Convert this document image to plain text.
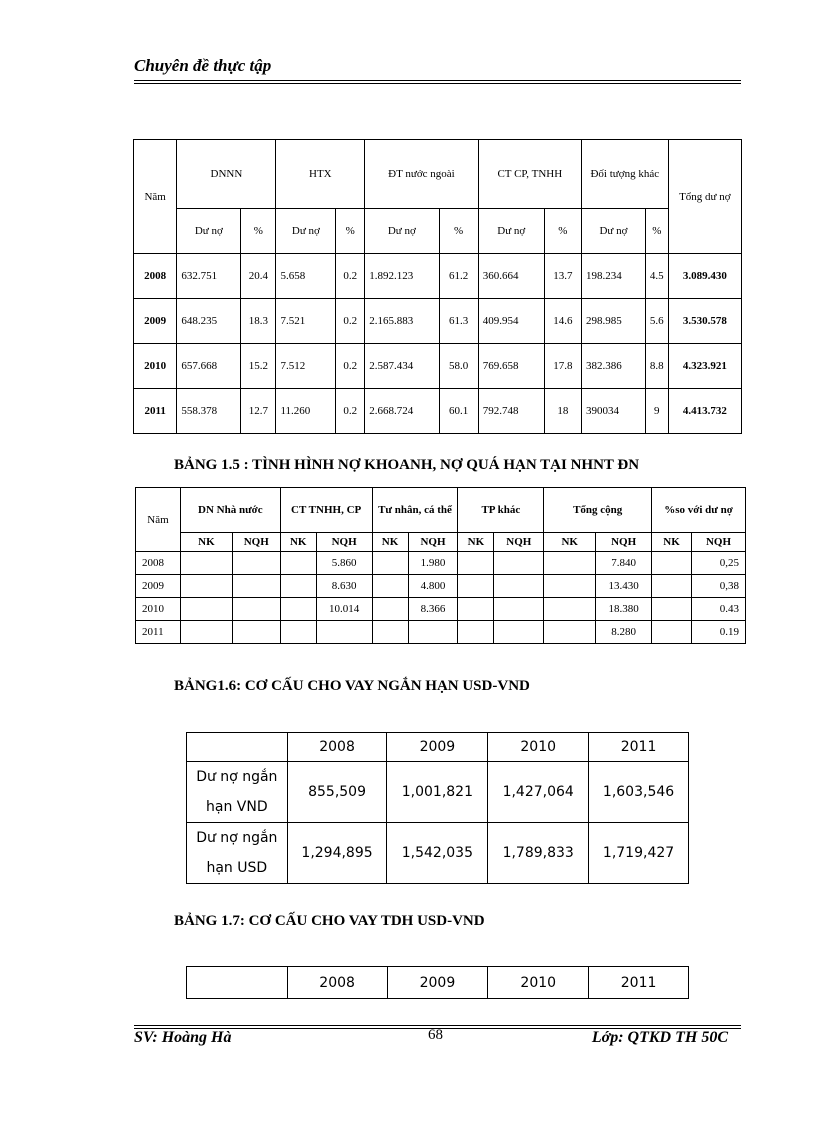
Chuyên đề thực tập
Năm	DNNN		HTX		ĐT nước ngoài		CT CP, TNHH		Đối tượng khác		Tổng dư nợ
	Dư nợ	%	Dư nợ	%	Dư nợ	%	Dư nợ	%	Dư nợ	%	
2008	632.751	20.4	5.658	0.2	1.892.123	61.2	360.664	13.7	198.234	4.5	3.089.430
2009	648.235	18.3	7.521	0.2	2.165.883	61.3	409.954	14.6	298.985	5.6	3.530.578
2010	657.668	15.2	7.512	0.2	2.587.434	58.0	769.658	17.8	382.386	8.8	4.323.921
2011	558.378	12.7	11.260	0.2	2.668.724	60.1	792.748	18	390034	9	4.413.732
BẢNG 1.5 : TÌNH HÌNH NỢ KHOANH, NỢ QUÁ HẠN TẠI NHNT ĐN
Năm	DN Nhà nước		CT TNHH, CP		Tư nhân, cá thể		TP khác		Tổng cộng		%so với dư nợ	
	NK	NQH	NK	NQH	NK	NQH	NK	NQH	NK	NQH	NK	NQH
2008				5.860		1.980				7.840		0,25
2009				8.630		4.800				13.430		0,38
2010				10.014		8.366				18.380		0.43
2011										8.280		0.19
BẢNG1.6: CƠ CẤU CHO VAY NGẮN HẠN USD-VND
	2008	2009	2010	2011

Dư nợ ngắn
hạn VND	855,509	1,001,821	1,427,064	1,603,546

Dư nợ ngắn
hạn USD	1,294,895	1,542,035	1,789,833	1,719,427
BẢNG 1.7: CƠ CẤU CHO VAY TDH USD-VND
	2008	2009	2010	2011
SV: Hoàng Hà	68	Lớp: QTKD TH 50C
